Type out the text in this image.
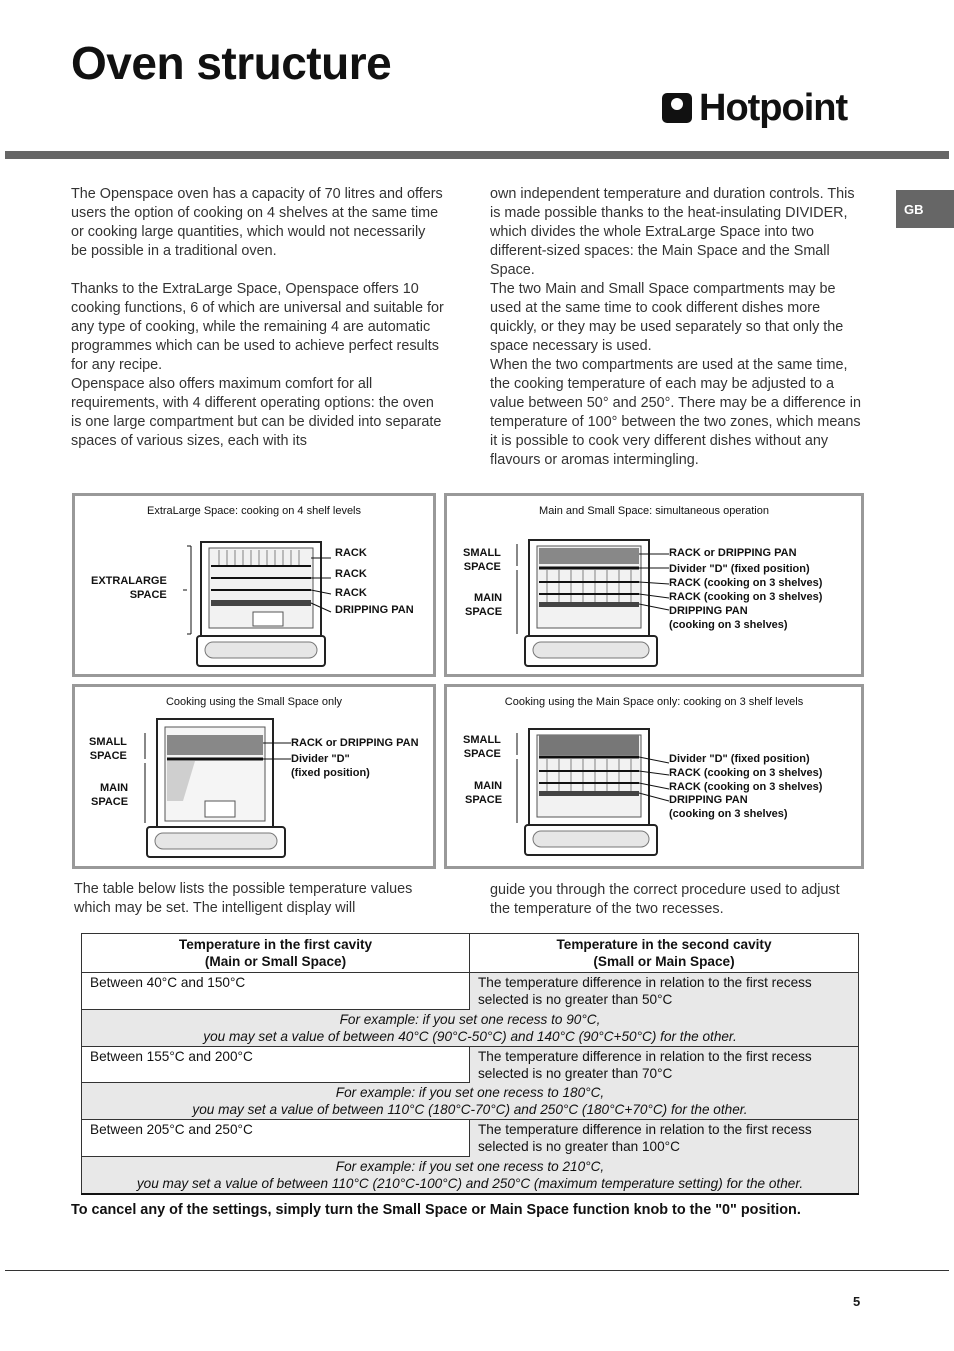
Oven structure
Hotpoint
GB

The Openspace oven has a capacity of 70 litres and offers users the option of cooking on 4 shelves at the same time or cooking large quantities, which would not necessarily be possible in a traditional oven.

Thanks to the ExtraLarge Space, Openspace offers 10 cooking functions, 6 of which are universal and suitable for any type of cooking, while the remaining 4 are automatic programmes which can be used to achieve perfect results for any recipe.

Openspace also offers maximum comfort for all requirements, with 4 different operating options: the oven is one large compartment but can be divided into separate spaces of various sizes, each with its

own independent temperature and duration controls. This is made possible thanks to the heat-insulating DIVIDER, which divides the whole ExtraLarge Space into two different-sized spaces: the Main Space and the Small Space.

The two Main and Small Space compartments may be used at the same time to cook different dishes more quickly, or they may be used separately so that only the space necessary is used.

When the two compartments are used at the same time, the cooking temperature of each may be adjusted to a value between 50° and 250°. There may be a difference in temperature of 100° between the two zones, which means it is possible to cook very different dishes without any flavours or aromas intermingling.

ExtraLarge Space: cooking on 4 shelf levels
EXTRALARGE
SPACE
RACK
RACK
RACK
DRIPPING PAN
Main and Small Space: simultaneous operation
SMALL
SPACE
MAIN
SPACE
RACK or DRIPPING PAN
Divider "D" (fixed position)
RACK (cooking on 3 shelves)
RACK (cooking on 3 shelves)
DRIPPING PAN
(cooking on 3 shelves)
Cooking using the Small Space only
SMALL
SPACE
MAIN
SPACE
RACK or DRIPPING PAN
Divider "D"
(fixed position)
Cooking using the Main Space only: cooking on 3 shelf levels
SMALL
SPACE
MAIN
SPACE
Divider "D" (fixed position)
RACK (cooking on 3 shelves)
RACK (cooking on 3 shelves)
DRIPPING PAN
(cooking on 3 shelves)

The table below lists the possible temperature values which may be set. The intelligent display will

guide you through the correct procedure used to adjust the temperature of the two recesses.

Temperature in the first cavity
(Main or Small Space)	Temperature in the second cavity
(Small or Main Space)
Between 40°C and 150°C	The temperature difference in relation to the first recess selected is no greater than 50°C
For example: if you set one recess to 90°C,
you may set a value of between 40°C (90°C-50°C) and 140°C (90°C+50°C) for the other.	
Between 155°C and 200°C	The temperature difference in relation to the first recess selected is no greater than 70°C
For example: if you set one recess to 180°C,
you may set a value of between 110°C (180°C-70°C) and 250°C (180°C+70°C) for the other.	
Between 205°C and 250°C	The temperature difference in relation to the first recess selected is no greater than 100°C
For example: if you set one recess to 210°C,
you may set a value of between 110°C (210°C-100°C) and 250°C (maximum temperature setting) for the other.	

To cancel any of the settings, simply turn the Small Space or Main Space function knob to the "0" position.

5
